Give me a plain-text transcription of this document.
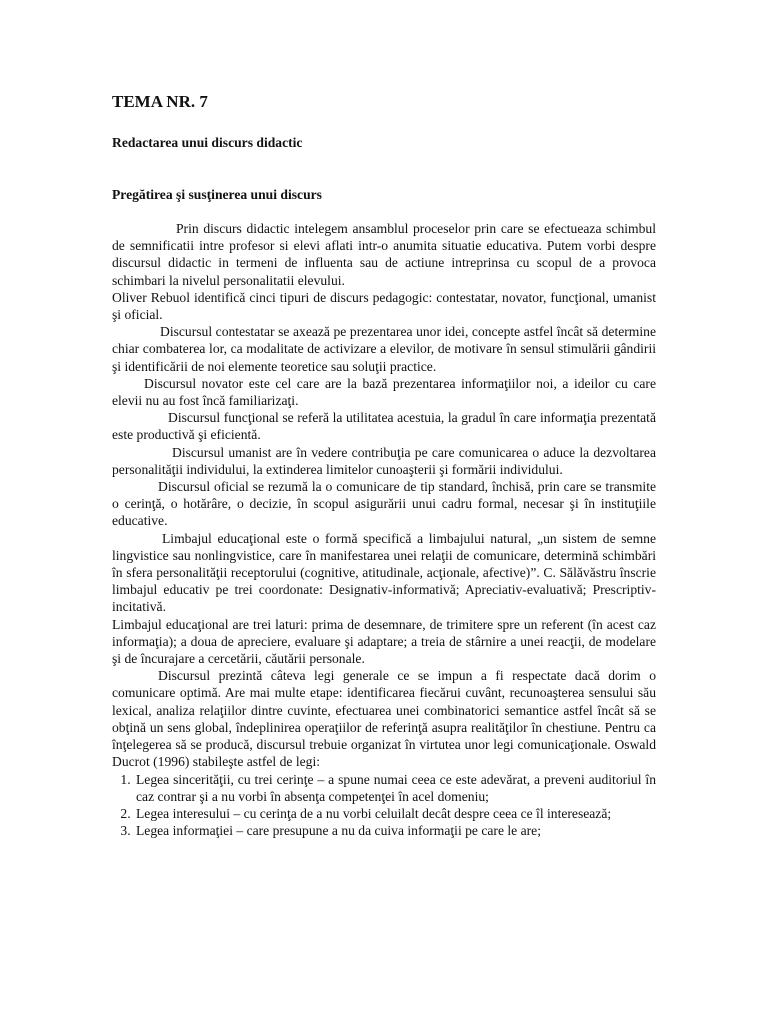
TEMA NR. 7
Redactarea unui discurs didactic
Pregătirea şi susţinerea unui discurs

Prin discurs didactic intelegem ansamblul proceselor prin care se efectueaza schimbul de semnificatii intre profesor si elevi aflati intr-o anumita situatie educativa. Putem vorbi despre discursul didactic in termeni de influenta sau de actiune intreprinsa cu scopul de a provoca schimbari la nivelul personalitatii elevului.

Oliver Rebuol identifică cinci tipuri de discurs pedagogic: contestatar, novator, funcţional, umanist şi oficial.

Discursul contestatar se axează pe prezentarea unor idei, concepte astfel încât să determine chiar combaterea lor, ca modalitate de activizare a elevilor, de motivare în sensul stimulării gândirii şi identificării de noi elemente teoretice sau soluţii practice.

Discursul novator este cel care are la bază prezentarea informaţiilor noi, a ideilor cu care elevii nu au fost încă familiarizaţi.

Discursul funcţional se referă la utilitatea acestuia, la gradul în care informaţia prezentată este productivă şi eficientă.

Discursul umanist are în vedere contribuţia pe care comunicarea o aduce la dezvoltarea personalităţii individului, la extinderea limitelor cunoaşterii şi formării individului.

Discursul oficial se rezumă la o comunicare de tip standard, închisă, prin care se transmite o cerinţă, o hotărâre, o decizie, în scopul asigurării unui cadru formal, necesar şi în instituţiile educative.

Limbajul educaţional este o formă specifică a limbajului natural, „un sistem de semne lingvistice sau nonlingvistice, care în manifestarea unei relaţii de comunicare, determină schimbări în sfera personalităţii receptorului (cognitive, atitudinale, acţionale, afective)”. C. Sălăvăstru înscrie limbajul educativ pe trei coordonate: Designativ-informativă; Apreciativ-evaluativă; Prescriptiv-incitativă.

Limbajul educaţional are trei laturi: prima de desemnare, de trimitere spre un referent (în acest caz informaţia); a doua de apreciere, evaluare şi adaptare; a treia de stârnire a unei reacţii, de modelare şi de încurajare a cercetării, căutării personale.

Discursul prezintă câteva legi generale ce se impun a fi respectate dacă dorim o comunicare optimă. Are mai multe etape: identificarea fiecărui cuvânt, recunoaşterea sensului său lexical, analiza relaţiilor dintre cuvinte, efectuarea unei combinatorici semantice astfel încât să se obţină un sens global, îndeplinirea operaţiilor de referinţă asupra realităţilor în chestiune. Pentru ca înţelegerea să se producă, discursul trebuie organizat în virtutea unor legi comunicaţionale. Oswald Ducrot (1996) stabileşte astfel de legi:

1. Legea sincerităţii, cu trei cerinţe – a spune numai ceea ce este adevărat, a preveni auditoriul în caz contrar şi a nu vorbi în absenţa competenţei în acel domeniu;
2. Legea interesului – cu cerinţa de a nu vorbi celuilalt decât despre ceea ce îl interesează;
3. Legea informaţiei – care presupune a nu da cuiva informaţii pe care le are;
